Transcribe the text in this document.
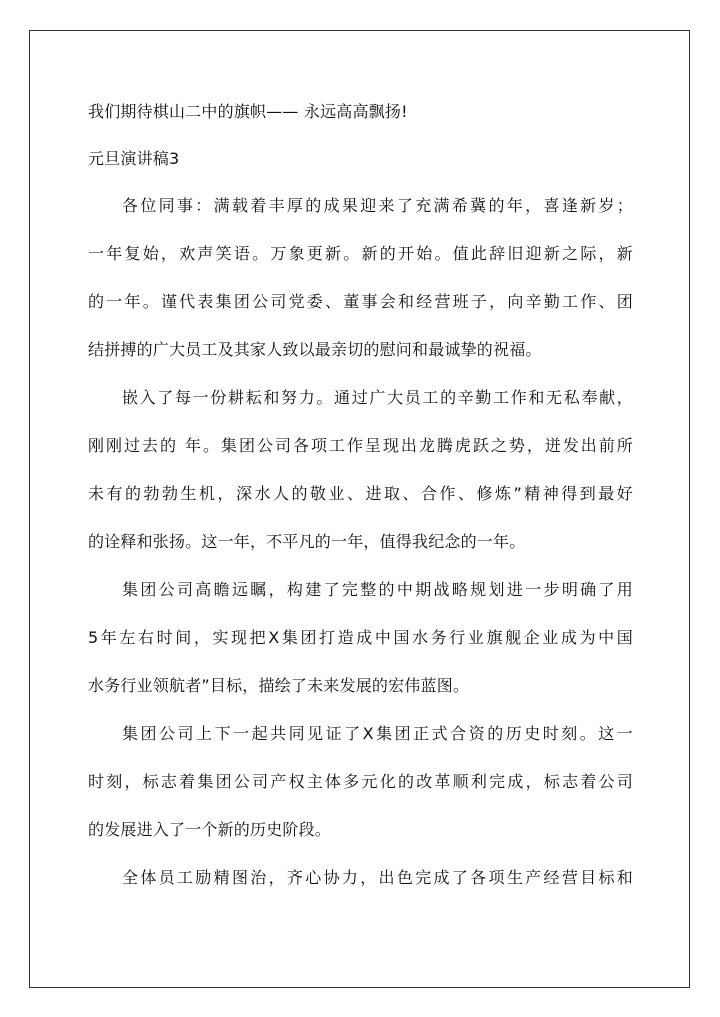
我们期待棋山二中的旗帜—— 永远高高飘扬!
元旦演讲稿3
各位同事：满载着丰厚的成果迎来了充满希冀的年，喜逢新岁；
一年复始，欢声笑语。万象更新。新的开始。值此辞旧迎新之际，新
的一年。谨代表集团公司党委、董事会和经营班子，向辛勤工作、团
结拼搏的广大员工及其家人致以最亲切的慰问和最诚挚的祝福。
嵌入了每一份耕耘和努力。通过广大员工的辛勤工作和无私奉献，
刚刚过去的 年。集团公司各项工作呈现出龙腾虎跃之势，迸发出前所
未有的勃勃生机，深水人的敬业、进取、合作、修炼”精神得到最好
的诠释和张扬。这一年，不平凡的一年，值得我纪念的一年。
集团公司高瞻远瞩，构建了完整的中期战略规划进一步明确了用
5年左右时间，实现把X集团打造成中国水务行业旗舰企业成为中国
水务行业领航者”目标，描绘了未来发展的宏伟蓝图。
集团公司上下一起共同见证了X集团正式合资的历史时刻。这一
时刻，标志着集团公司产权主体多元化的改革顺利完成，标志着公司
的发展进入了一个新的历史阶段。
全体员工励精图治，齐心协力，出色完成了各项生产经营目标和
